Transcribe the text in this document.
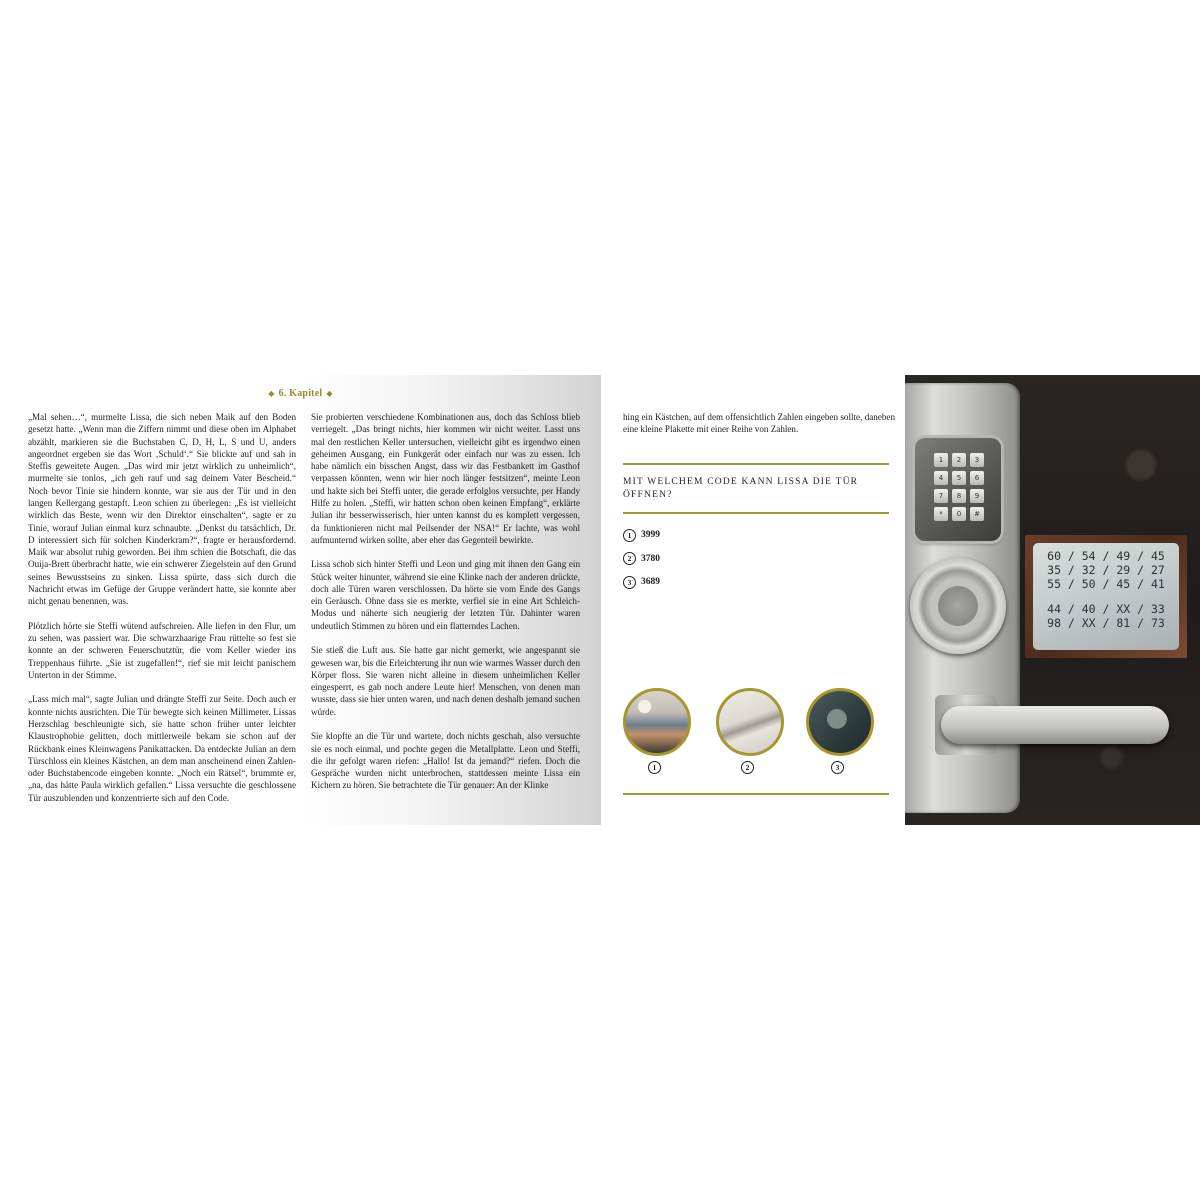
◆ 6. Kapitel ◆

„Mal sehen…“, murmelte Lissa, die sich neben Maik auf den Boden gesetzt hatte. „Wenn man die Ziffern nimmt und diese oben im Alphabet abzählt, markieren sie die Buchstaben C, D, H, L, S und U, anders angeordnet ergeben sie das Wort ‚Schuld‘.“ Sie blickte auf und sah in Steffis geweitete Augen. „Das wird mir jetzt wirklich zu unheimlich“, murmelte sie tonlos, „ich geh rauf und sag deinem Vater Bescheid.“ Noch bevor Tinie sie hindern konnte, war sie aus der Tür und in den langen Kellergang gestapft. Leon schien zu überlegen: „Es ist vielleicht wirklich das Beste, wenn wir den Direktor einschalten“, sagte er zu Tinie, worauf Julian einmal kurz schnaubte. „Denkst du tatsächlich, Dr. D interessiert sich für solchen Kinderkram?“, fragte er herausfordernd. Maik war absolut ruhig geworden. Bei ihm schien die Botschaft, die das Ouija-Brett überbracht hatte, wie ein schwerer Ziegelstein auf den Grund seines Bewusstseins zu sinken. Lissa spürte, dass sich durch die Nachricht etwas im Gefüge der Gruppe verändert hatte, sie konnte aber nicht genau benennen, was.

Plötzlich hörte sie Steffi wütend aufschreien. Alle liefen in den Flur, um zu sehen, was passiert war. Die schwarzhaarige Frau rüttelte so fest sie konnte an der schweren Feuerschutztür, die vom Keller wieder ins Treppenhaus führte. „Sie ist zugefallen!“, rief sie mit leicht panischem Unterton in der Stimme.

„Lass mich mal“, sagte Julian und drängte Steffi zur Seite. Doch auch er konnte nichts ausrichten. Die Tür bewegte sich keinen Millimeter. Lissas Herzschlag beschleunigte sich, sie hatte schon früher unter leichter Klaustrophobie gelitten, doch mittlerweile bekam sie schon auf der Rückbank eines Kleinwagens Panikattacken. Da entdeckte Julian an dem Türschloss ein kleines Kästchen, an dem man anscheinend einen Zahlen- oder Buchstabencode eingeben konnte. „Noch ein Rätsel“, brummte er, „na, das hätte Paula wirklich gefallen.“ Lissa versuchte die geschlossene Tür auszublenden und konzentrierte sich auf den Code.

Sie probierten verschiedene Kombinationen aus, doch das Schloss blieb verriegelt. „Das bringt nichts, hier kommen wir nicht weiter. Lasst uns mal den restlichen Keller untersuchen, vielleicht gibt es irgendwo einen geheimen Ausgang, ein Funkgerät oder einfach nur was zu essen. Ich habe nämlich ein bisschen Angst, dass wir das Festbankett im Gasthof verpassen könnten, wenn wir hier noch länger festsitzen“, meinte Leon und hakte sich bei Steffi unter, die gerade erfolglos versuchte, per Handy Hilfe zu holen. „Steffi, wir hatten schon oben keinen Empfang“, erklärte Julian ihr besserwisserisch, hier unten kannst du es komplett vergessen, da funktionieren nicht mal Peilsender der NSA!“ Er lachte, was wohl aufmunternd wirken sollte, aber eher das Gegenteil bewirkte.

Lissa schob sich hinter Steffi und Leon und ging mit ihnen den Gang ein Stück weiter hinunter, während sie eine Klinke nach der anderen drückte, doch alle Türen waren verschlossen. Da hörte sie vom Ende des Gangs ein Geräusch. Ohne dass sie es merkte, verfiel sie in eine Art Schleich-Modus und näherte sich neugierig der letzten Tür. Dahinter waren undeutlich Stimmen zu hören und ein flatterndes Lachen.

Sie stieß die Luft aus. Sie hatte gar nicht gemerkt, wie angespannt sie gewesen war, bis die Erleichterung ihr nun wie warmes Wasser durch den Körper floss. Sie waren nicht alleine in diesem unheimlichen Keller eingesperrt, es gab noch andere Leute hier! Menschen, von denen man wusste, dass sie hier unten waren, und nach denen deshalb jemand suchen würde.

Sie klopfte an die Tür und wartete, doch nichts geschah, also versuchte sie es noch einmal, und pochte gegen die Metallplatte. Leon und Steffi, die ihr gefolgt waren riefen: „Hallo! Ist da jemand?“ riefen. Doch die Gespräche wurden nicht unterbrochen, stattdessen meinte Lissa ein Kichern zu hören. Sie betrachtete die Tür genauer: An der Klinke

hing ein Kästchen, auf dem offensichtlich Zahlen eingeben sollte, daneben eine kleine Plakette mit einer Reihe von Zahlen.
MIT WELCHEM CODE KANN LISSA DIE TÜR ÖFFNEN?
1	3999
2	3780
3	3689
1	2	3
1	2	3
4	5	6
7	8	9
*	0	#
60 / 54 / 49 / 45
35 / 32 / 29 / 27
55 / 50 / 45 / 41
44 / 40 / XX / 33
98 / XX / 81 / 73
